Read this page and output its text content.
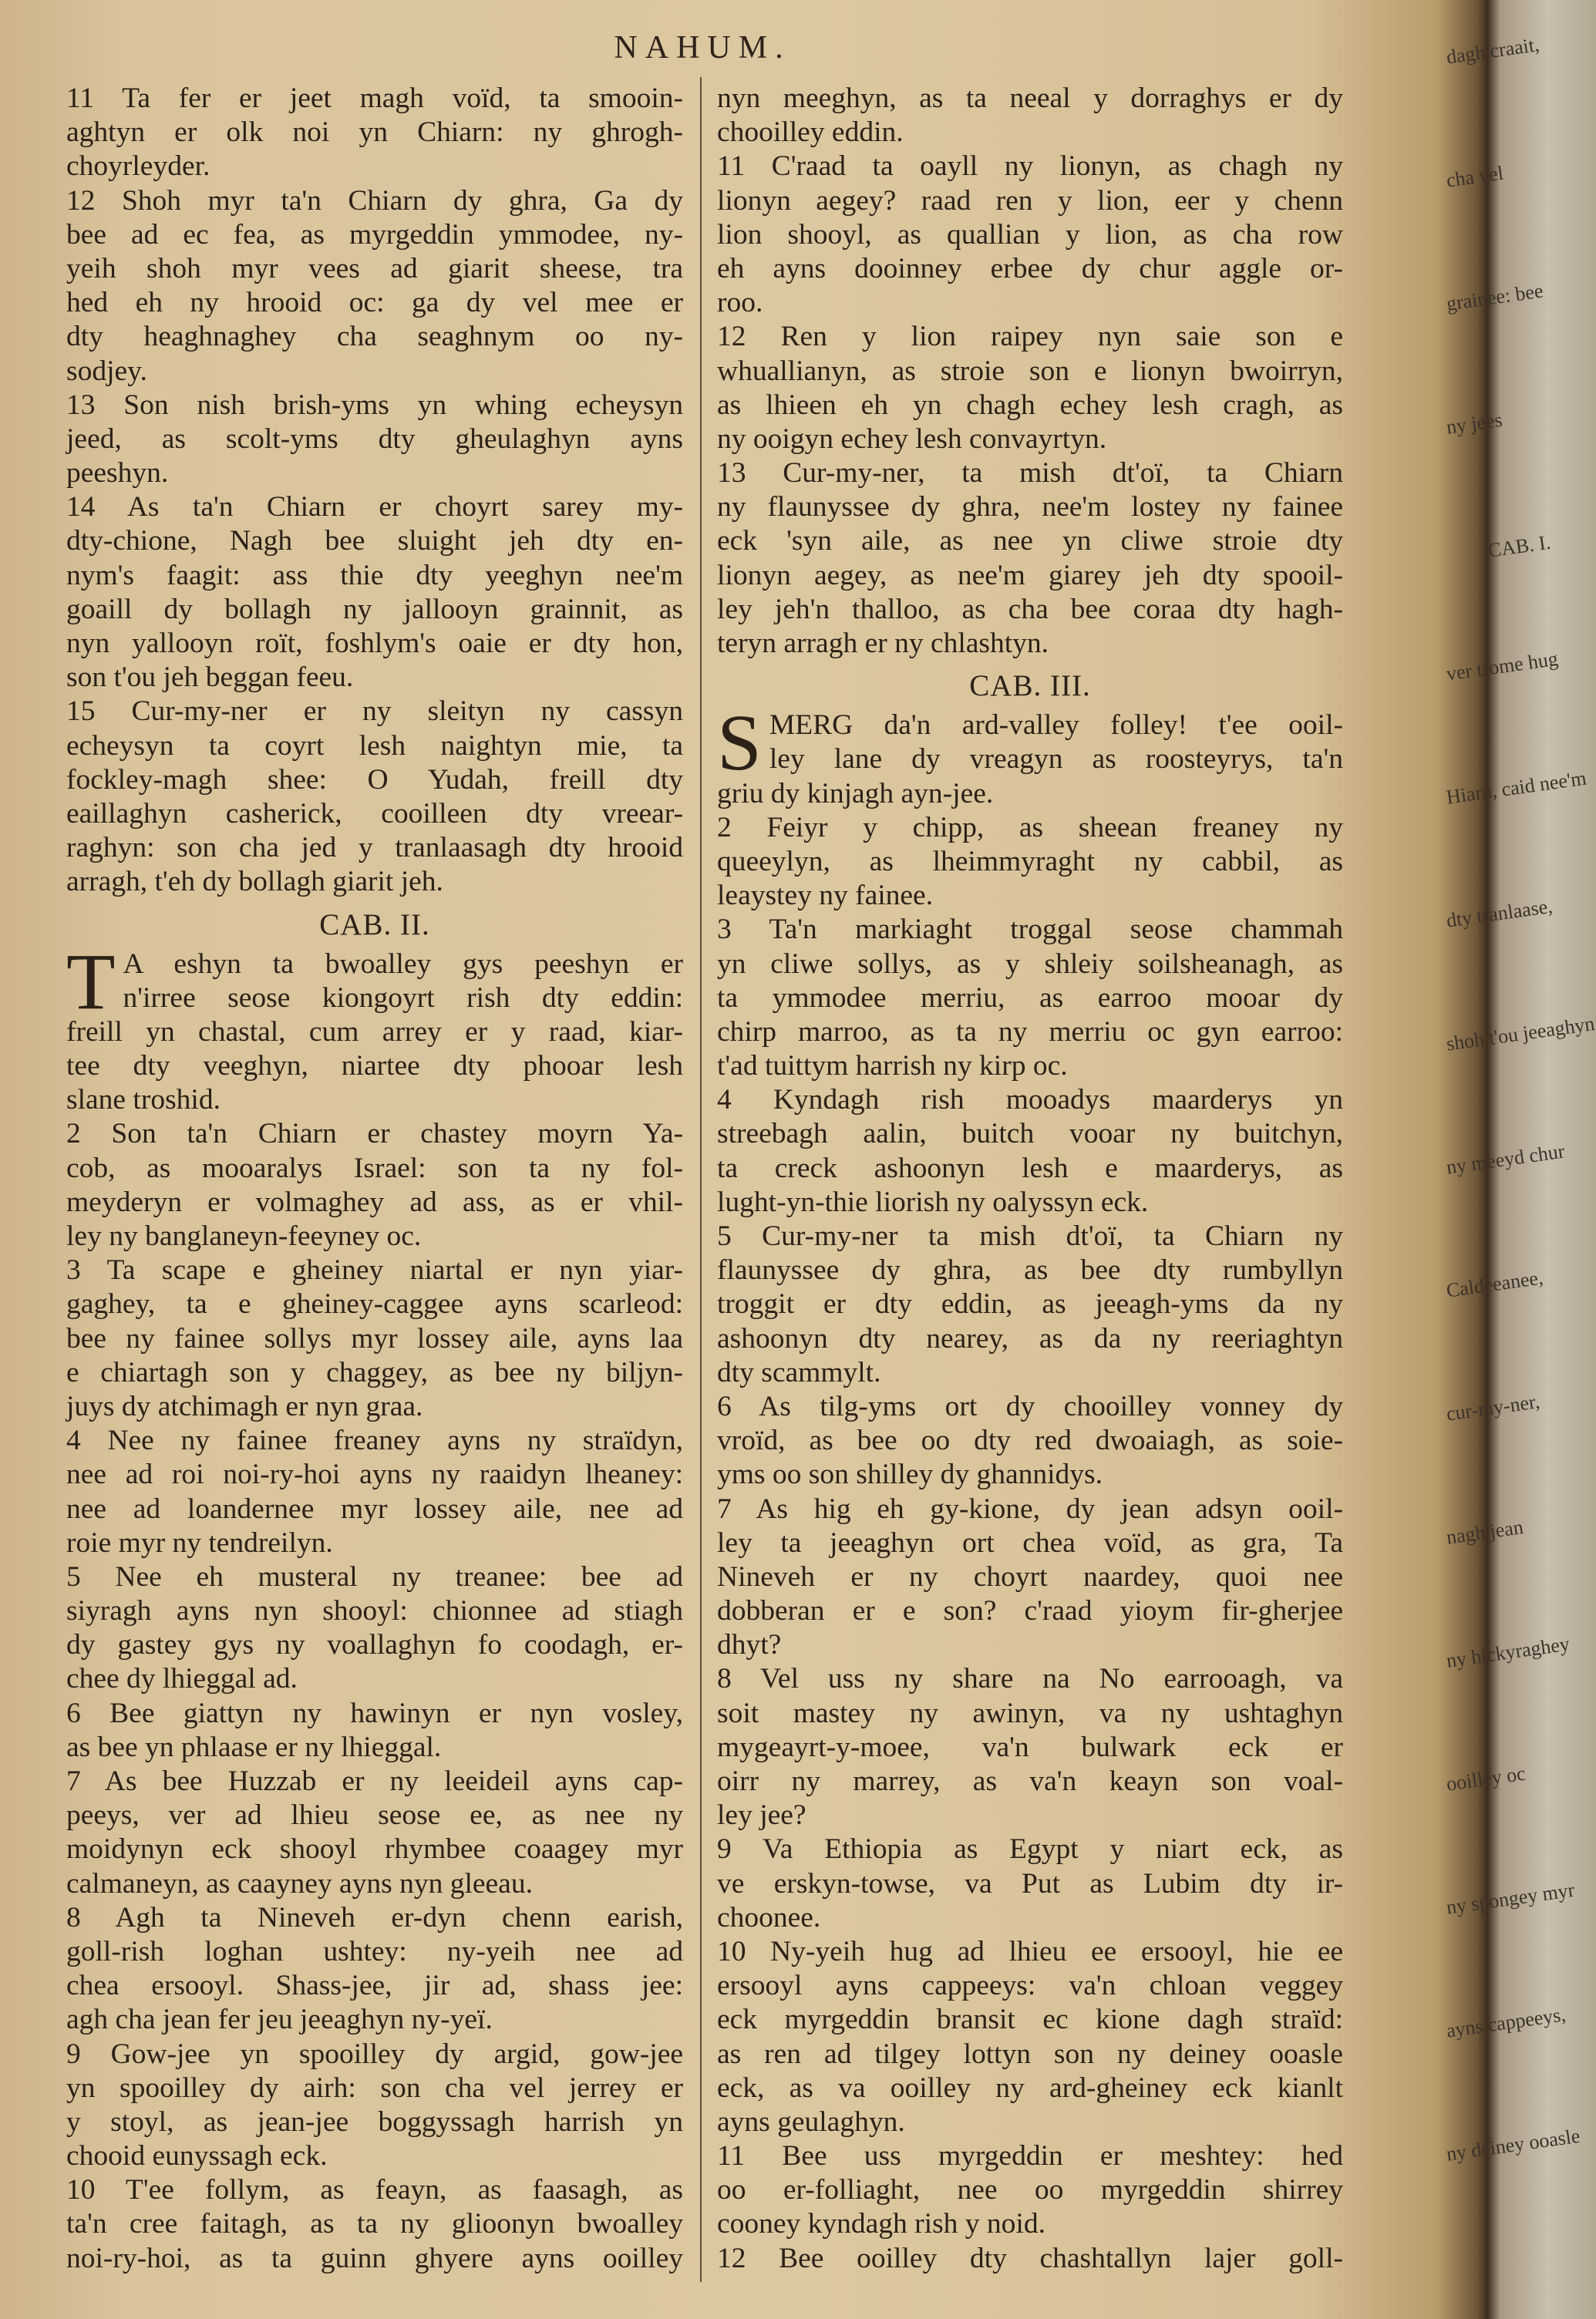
NAHUM.
11 Ta fer er jeet magh voïd, ta smooin-
aghtyn er olk noi yn Chiarn: ny ghrogh-
choyrleyder.
12 Shoh myr ta'n Chiarn dy ghra, Ga dy
bee ad ec fea, as myrgeddin ymmodee, ny-
yeih shoh myr vees ad giarit sheese, tra
hed eh ny hrooid oc: ga dy vel mee er
dty heaghnaghey cha seaghnym oo ny-
sodjey.
13 Son nish brish-yms yn whing echeysyn
jeed, as scolt-yms dty gheulaghyn ayns
peeshyn.
14 As ta'n Chiarn er choyrt sarey my-
dty-chione, Nagh bee sluight jeh dty en-
nym's faagit: ass thie dty yeeghyn nee'm
goaill dy bollagh ny jallooyn grainnit, as
nyn yallooyn roït, foshlym's oaie er dty hon,
son t'ou jeh beggan feeu.
15 Cur-my-ner er ny sleityn ny cassyn
echeysyn ta coyrt lesh naightyn mie, ta
fockley-magh shee: O Yudah, freill dty
eaillaghyn casherick, cooilleen dty vreear-
raghyn: son cha jed y tranlaasagh dty hrooid
arragh, t'eh dy bollagh giarit jeh.
CAB. II.
T A eshyn ta bwoalley gys peeshyn er
n'irree seose kiongoyrt rish dty eddin:
freill yn chastal, cum arrey er y raad, kiar-
tee dty veeghyn, niartee dty phooar lesh
slane troshid.
2 Son ta'n Chiarn er chastey moyrn Ya-
cob, as mooaralys Israel: son ta ny fol-
meyderyn er volmaghey ad ass, as er vhil-
ley ny banglaneyn-feeyney oc.
3 Ta scape e gheiney niartal er nyn yiar-
gaghey, ta e gheiney-caggee ayns scarleod:
bee ny fainee sollys myr lossey aile, ayns laa
e chiartagh son y chaggey, as bee ny biljyn-
juys dy atchimagh er nyn graa.
4 Nee ny fainee freaney ayns ny straïdyn,
nee ad roi noi-ry-hoi ayns ny raaidyn lheaney:
nee ad loandernee myr lossey aile, nee ad
roie myr ny tendreilyn.
5 Nee eh musteral ny treanee: bee ad
siyragh ayns nyn shooyl: chionnee ad stiagh
dy gastey gys ny voallaghyn fo coodagh, er-
chee dy lhieggal ad.
6 Bee giattyn ny hawinyn er nyn vosley,
as bee yn phlaase er ny lhieggal.
7 As bee Huzzab er ny leeideil ayns cap-
peeys, ver ad lhieu seose ee, as nee ny
moidynyn eck shooyl rhymbee coaagey myr
calmaneyn, as caayney ayns nyn gleeau.
8 Agh ta Nineveh er-dyn chenn earish,
goll-rish loghan ushtey: ny-yeih nee ad
chea ersooyl. Shass-jee, jir ad, shass jee:
agh cha jean fer jeu jeeaghyn ny-yeï.
9 Gow-jee yn spooilley dy argid, gow-jee
yn spooilley dy airh: son cha vel jerrey er
y stoyl, as jean-jee boggyssagh harrish yn
chooid eunyssagh eck.
10 T'ee follym, as feayn, as faasagh, as
ta'n cree faitagh, as ta ny glioonyn bwoalley
noi-ry-hoi, as ta guinn ghyere ayns ooilley
nyn meeghyn, as ta neeal y dorraghys er dy
chooilley eddin.
11 C'raad ta oayll ny lionyn, as chagh ny
lionyn aegey? raad ren y lion, eer y chenn
lion shooyl, as quallian y lion, as cha row
eh ayns dooinney erbee dy chur aggle or-
roo.
12 Ren y lion raipey nyn saie son e
whuallianyn, as stroie son e lionyn bwoirryn,
as lhieen eh yn chagh echey lesh cragh, as
ny ooigyn echey lesh convayrtyn.
13 Cur-my-ner, ta mish dt'oï, ta Chiarn
ny flaunyssee dy ghra, nee'm lostey ny fainee
eck 'syn aile, as nee yn cliwe stroie dty
lionyn aegey, as nee'm giarey jeh dty spooil-
ley jeh'n thalloo, as cha bee coraa dty hagh-
teryn arragh er ny chlashtyn.
CAB. III.
S MERG da'n ard-valley folley! t'ee ooil-
ley lane dy vreagyn as roosteyrys, ta'n
griu dy kinjagh ayn-jee.
2 Feiyr y chipp, as sheean freaney ny
queeylyn, as lheimmyraght ny cabbil, as
leaystey ny fainee.
3 Ta'n markiaght troggal seose chammah
yn cliwe sollys, as y shleiy soilsheanagh, as
ta ymmodee merriu, as earroo mooar dy
chirp marroo, as ta ny merriu oc gyn earroo:
t'ad tuittym harrish ny kirp oc.
4 Kyndagh rish mooadys maarderys yn
streebagh aalin, buitch vooar ny buitchyn,
ta creck ashoonyn lesh e maarderys, as
lught-yn-thie liorish ny oalyssyn eck.
5 Cur-my-ner ta mish dt'oï, ta Chiarn ny
flaunyssee dy ghra, as bee dty rumbyllyn
troggit er dty eddin, as jeeagh-yms da ny
ashoonyn dty nearey, as da ny reeriaghtyn
dty scammylt.
6 As tilg-yms ort dy chooilley vonney dy
vroïd, as bee oo dty red dwoaiagh, as soie-
yms oo son shilley dy ghannidys.
7 As hig eh gy-kione, dy jean adsyn ooil-
ley ta jeeaghyn ort chea voïd, as gra, Ta
Nineveh er ny choyrt naardey, quoi nee
dobberan er e son? c'raad yioym fir-gherjee
dhyt?
8 Vel uss ny share na No earrooagh, va
soit mastey ny awinyn, va ny ushtaghyn
mygeayrt-y-moee, va'n bulwark eck er
oirr ny marrey, as va'n keayn son voal-
ley jee?
9 Va Ethiopia as Egypt y niart eck, as
ve erskyn-towse, va Put as Lubim dty ir-
choonee.
10 Ny-yeih hug ad lhieu ee ersooyl, hie ee
ersooyl ayns cappeeys: va'n chloan veggey
eck myrgeddin bransit ec kione dagh straïd:
as ren ad tilgey lottyn son ny deiney ooasle
eck, as va ooilley ny ard-gheiney eck kianlt
ayns geulaghyn.
11 Bee uss myrgeddin er meshtey: hed
oo er-folliaght, nee oo myrgeddin shirrey
cooney kyndagh rish y noid.
12 Bee ooilley dty chashtallyn lajer goll-
dagh craait,
cha vel
grainee: bee
ny jees
CAB. I.
ver trome hug
Hiarn, caid nee'm
dty tranlaase,
shoh t'ou jeeaghyn
ny meeyd chur
Caldeeanee,
cur-my-ner,
nagh jean
ny hickyraghey
ooilley oc
ny spongey myr
ayns cappeeys,
ny deiney ooasle
